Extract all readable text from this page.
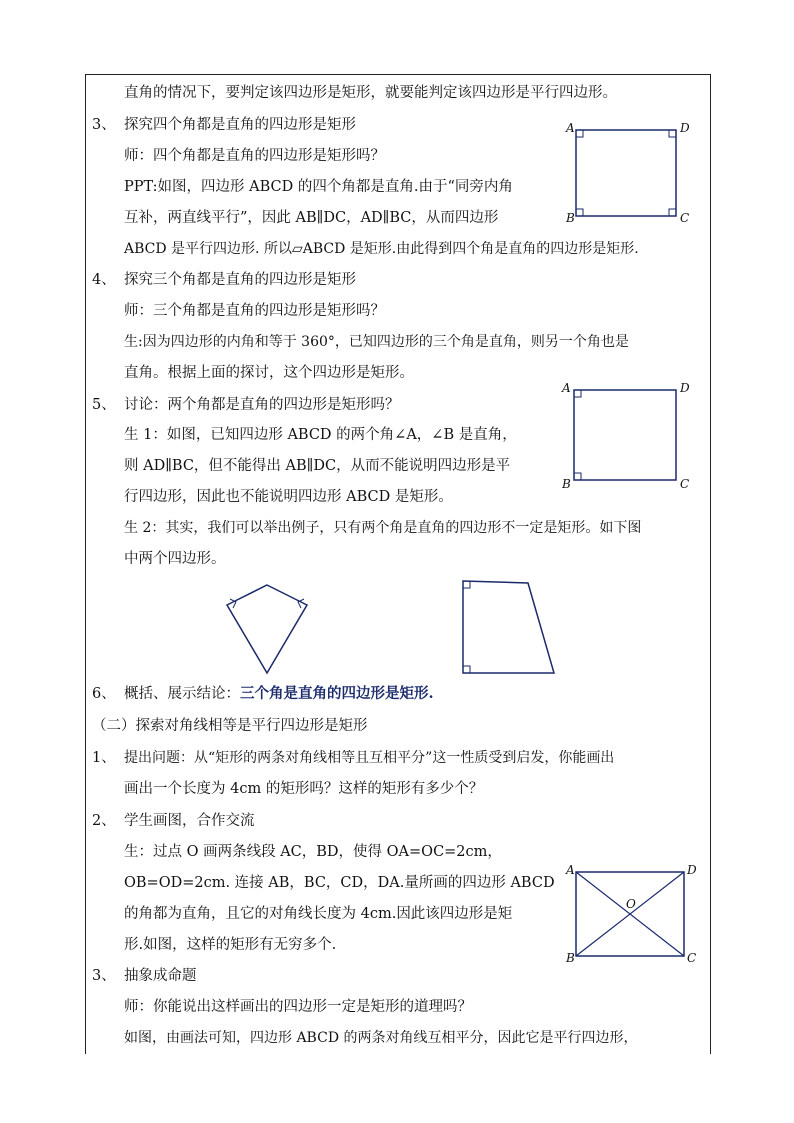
直角的情况下，要判定该四边形是矩形，就要能判定该四边形是平行四边形。
3、 探究四个角都是直角的四边形是矩形
师：四个角都是直角的四边形是矩形吗？
PPT:如图，四边形 ABCD 的四个角都是直角.由于“同旁内角
互补，两直线平行”，因此 AB∥DC，AD∥BC，从而四边形
ABCD 是平行四边形. 所以▱ABCD 是矩形.由此得到四个角是直角的四边形是矩形.
4、 探究三个角都是直角的四边形是矩形
师：三个角都是直角的四边形是矩形吗？
生:因为四边形的内角和等于 360°，已知四边形的三个角是直角，则另一个角也是
直角。根据上面的探讨，这个四边形是矩形。
5、 讨论：两个角都是直角的四边形是矩形吗？
生 1：如图，已知四边形 ABCD 的两个角∠A，∠B 是直角，
则 AD∥BC，但不能得出 AB∥DC，从而不能说明四边形是平
行四边形，因此也不能说明四边形 ABCD 是矩形。
生 2：其实，我们可以举出例子，只有两个角是直角的四边形不一定是矩形。如下图
中两个四边形。
6、 概括、展示结论：三个角是直角的四边形是矩形.
（二）探索对角线相等是平行四边形是矩形
1、 提出问题：从“矩形的两条对角线相等且互相平分”这一性质受到启发，你能画出
画出一个长度为 4cm 的矩形吗？这样的矩形有多少个？
2、 学生画图，合作交流
生：过点 O 画两条线段 AC，BD，使得 OA=OC=2cm，
OB=OD=2cm. 连接 AB，BC，CD，DA.量所画的四边形 ABCD
的角都为直角，且它的对角线长度为 4cm.因此该四边形是矩
形.如图，这样的矩形有无穷多个.
3、 抽象成命题
师：你能说出这样画出的四边形一定是矩形的道理吗？
如图，由画法可知，四边形 ABCD 的两条对角线互相平分，因此它是平行四边形，
A	D
B	C
A	D
B	C
A	D
B	C
O
